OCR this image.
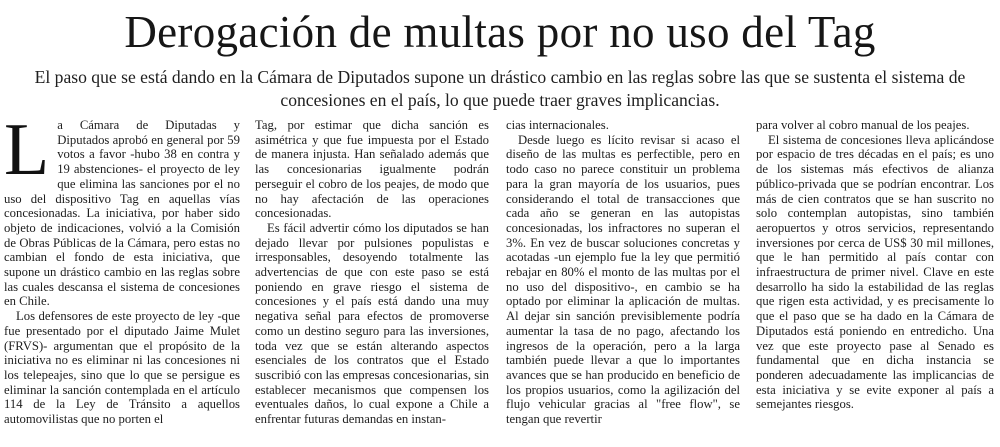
Derogación de multas por no uso del Tag

El paso que se está dando en la Cámara de Diputados supone un drástico cambio en las reglas sobre las que se sustenta el sistema de concesiones en el país, lo que puede traer graves implicancias.

La Cámara de Diputadas y Diputados aprobó en general por 59 votos a favor -hubo 38 en contra y 19 abstenciones- el proyecto de ley que elimina las sanciones por el no uso del dispositivo Tag en aquellas vías concesionadas. La iniciativa, por haber sido objeto de indicaciones, volvió a la Comisión de Obras Públicas de la Cámara, pero estas no cambian el fondo de esta iniciativa, que supone un drástico cambio en las reglas sobre las cuales descansa el sistema de concesiones en Chile.

Los defensores de este proyecto de ley -que fue presentado por el diputado Jaime Mulet (FRVS)- argumentan que el propósito de la iniciativa no es eliminar ni las concesiones ni los telepeajes, sino que lo que se persigue es eliminar la sanción contemplada en el artículo 114 de la Ley de Tránsito a aquellos automovilistas que no porten el

Tag, por estimar que dicha sanción es asimétrica y que fue impuesta por el Estado de manera injusta. Han señalado además que las concesionarias igualmente podrán perseguir el cobro de los peajes, de modo que no hay afectación de las operaciones concesionadas.

Es fácil advertir cómo los diputados se han dejado llevar por pulsiones populistas e irresponsables, desoyendo totalmente las advertencias de que con este paso se está poniendo en grave riesgo el sistema de concesiones y el país está dando una muy negativa señal para efectos de promoverse como un destino seguro para las inversiones, toda vez que se están alterando aspectos esenciales de los contratos que el Estado suscribió con las empresas concesionarias, sin establecer mecanismos que compensen los eventuales daños, lo cual expone a Chile a enfrentar futuras demandas en instan-

cias internacionales.

Desde luego es lícito revisar si acaso el diseño de las multas es perfectible, pero en todo caso no parece constituir un problema para la gran mayoría de los usuarios, pues considerando el total de transacciones que cada año se generan en las autopistas concesionadas, los infractores no superan el 3%. En vez de buscar soluciones concretas y acotadas -un ejemplo fue la ley que permitió rebajar en 80% el monto de las multas por el no uso del dispositivo-, en cambio se ha optado por eliminar la aplicación de multas. Al dejar sin sanción previsiblemente podría aumentar la tasa de no pago, afectando los ingresos de la operación, pero a la larga también puede llevar a que lo importantes avances que se han producido en beneficio de los propios usuarios, como la agilización del flujo vehicular gracias al "free flow", se tengan que revertir

para volver al cobro manual de los peajes.

El sistema de concesiones lleva aplicándose por espacio de tres décadas en el país; es uno de los sistemas más efectivos de alianza público-privada que se podrían encontrar. Los más de cien contratos que se han suscrito no solo contemplan autopistas, sino también aeropuertos y otros servicios, representando inversiones por cerca de US$ 30 mil millones, que le han permitido al país contar con infraestructura de primer nivel. Clave en este desarrollo ha sido la estabilidad de las reglas que rigen esta actividad, y es precisamente lo que el paso que se ha dado en la Cámara de Diputados está poniendo en entredicho. Una vez que este proyecto pase al Senado es fundamental que en dicha instancia se ponderen adecuadamente las implicancias de esta iniciativa y se evite exponer al país a semejantes riesgos.
